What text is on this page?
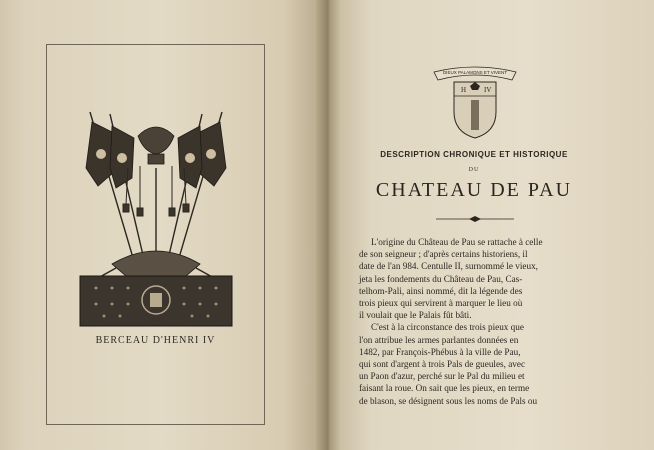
BERCEAU D'HENRI IV
DIEUX PALAMONS ET VIVENT
H	IV
DESCRIPTION CHRONIQUE ET HISTORIQUE
DU
CHATEAU DE PAU
L'origine du Château de Pau se rattache à celle
de son seigneur ; d'après certains historiens, il
date de l'an 984. Centulle II, surnommé le vieux,
jeta les fondements du Château de Pau, Cas-
telhom-Pali, ainsi nommé, dit la légende des
trois pieux qui servirent à marquer le lieu où
il voulait que le Palais fût bâti.
C'est à la circonstance des trois pieux que
l'on attribue les armes parlantes données en
1482, par François-Phébus à la ville de Pau,
qui sont d'argent à trois Pals de gueules, avec
un Paon d'azur, perché sur le Pal du milieu et
faisant la roue. On sait que les pieux, en terme
de blason, se désignent sous les noms de Pals ou
